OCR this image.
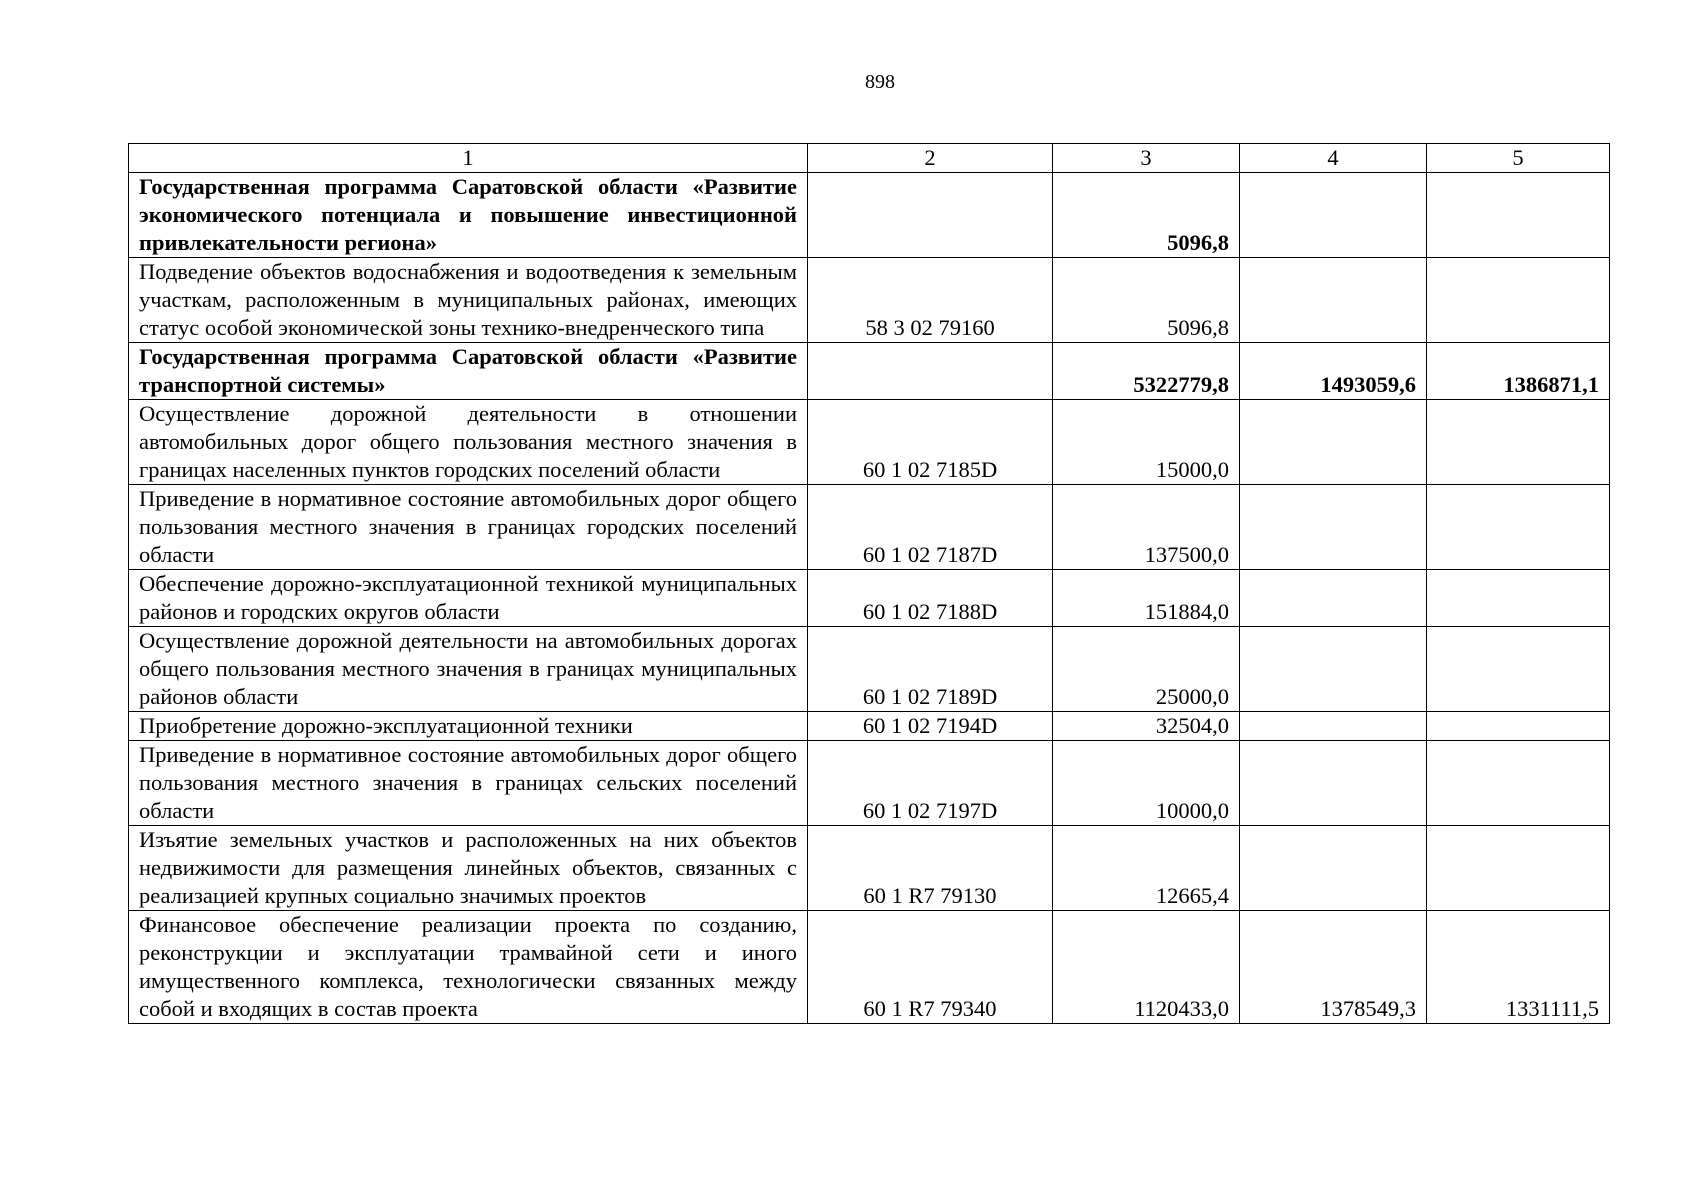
898
1	2	3	4	5
Государственная программа Саратовской области «Развитие экономического потенциала и повышение инвестиционной привлекательности региона»		5096,8		
Подведение объектов водоснабжения и водоотведения к земельным участкам, расположенным в муниципальных районах, имеющих статус особой экономической зоны технико-внедренческого типа	58 3 02 79160	5096,8		
Государственная программа Саратовской области «Развитие транспортной системы»		5322779,8	1493059,6	1386871,1
Осуществление дорожной деятельности в отношении автомобильных дорог общего пользования местного значения в границах населенных пунктов городских поселений области	60 1 02 7185D	15000,0		
Приведение в нормативное состояние автомобильных дорог общего пользования местного значения в границах городских поселений области	60 1 02 7187D	137500,0		
Обеспечение дорожно-эксплуатационной техникой муниципальных районов и городских округов области	60 1 02 7188D	151884,0		
Осуществление дорожной деятельности на автомобильных дорогах общего пользования местного значения в границах муниципальных районов области	60 1 02 7189D	25000,0		
Приобретение дорожно-эксплуатационной техники	60 1 02 7194D	32504,0		
Приведение в нормативное состояние автомобильных дорог общего пользования местного значения в границах сельских поселений области	60 1 02 7197D	10000,0		
Изъятие земельных участков и расположенных на них объектов недвижимости для размещения линейных объектов, связанных с реализацией крупных социально значимых проектов	60 1 R7 79130	12665,4		
Финансовое обеспечение реализации проекта по созданию, реконструкции и эксплуатации трамвайной сети и иного имущественного комплекса, технологически связанных между собой и входящих в состав проекта	60 1 R7 79340	1120433,0	1378549,3	1331111,5
